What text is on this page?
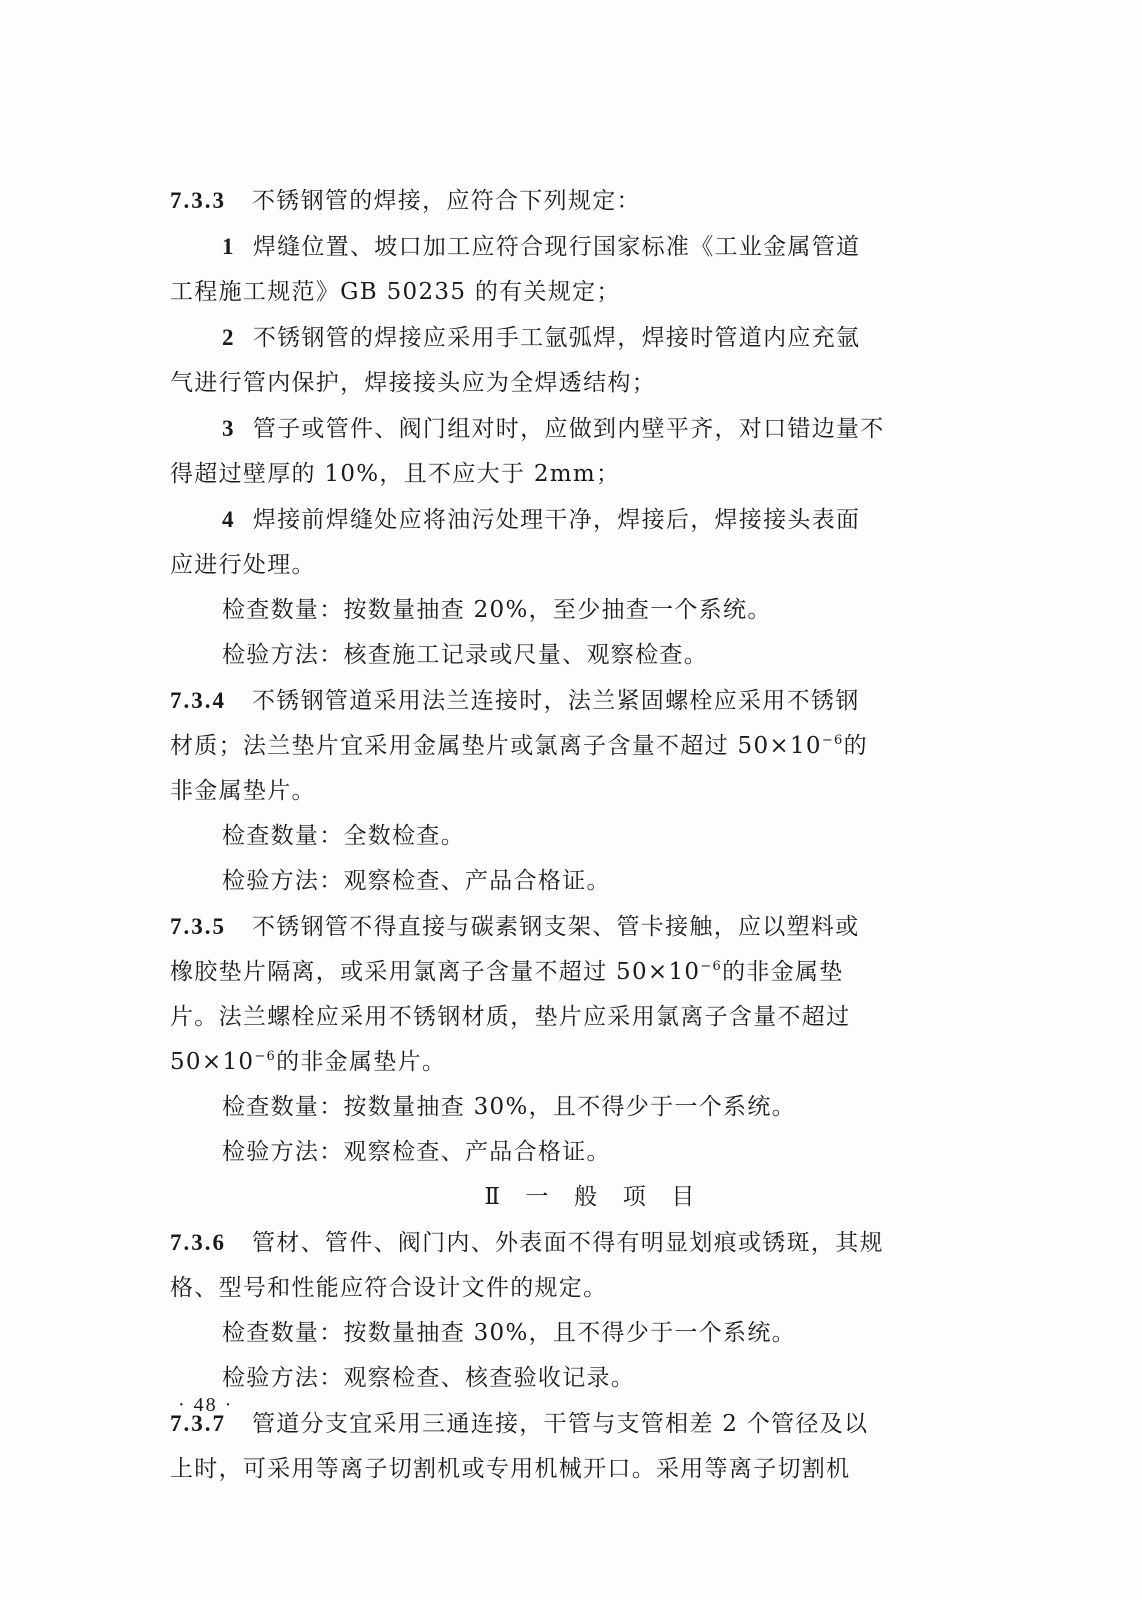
7.3.3 不锈钢管的焊接，应符合下列规定：

1 焊缝位置、坡口加工应符合现行国家标准《工业金属管道

工程施工规范》GB 50235 的有关规定；

2 不锈钢管的焊接应采用手工氩弧焊，焊接时管道内应充氩

气进行管内保护，焊接接头应为全焊透结构；

3 管子或管件、阀门组对时，应做到内壁平齐，对口错边量不

得超过壁厚的 10%，且不应大于 2mm；

4 焊接前焊缝处应将油污处理干净，焊接后，焊接接头表面

应进行处理。

检查数量：按数量抽查 20%，至少抽查一个系统。

检验方法：核查施工记录或尺量、观察检查。

7.3.4 不锈钢管道采用法兰连接时，法兰紧固螺栓应采用不锈钢

材质；法兰垫片宜采用金属垫片或氯离子含量不超过 $50\times 10^{-6}$的

非金属垫片。

检查数量：全数检查。

检验方法：观察检查、产品合格证。

7.3.5 不锈钢管不得直接与碳素钢支架、管卡接触，应以塑料或

橡胶垫片隔离，或采用氯离子含量不超过 $50\times 10^{-6}$的非金属垫

片。法兰螺栓应采用不锈钢材质，垫片应采用氯离子含量不超过

$50\times 10^{-6}$的非金属垫片。

检查数量：按数量抽查 30%，且不得少于一个系统。

检验方法：观察检查、产品合格证。

Ⅱ　一　般　项　目

7.3.6 管材、管件、阀门内、外表面不得有明显划痕或锈斑，其规

格、型号和性能应符合设计文件的规定。

检查数量：按数量抽查 30%，且不得少于一个系统。

检验方法：观察检查、核查验收记录。

7.3.7 管道分支宜采用三通连接，干管与支管相差 2 个管径及以

上时，可采用等离子切割机或专用机械开口。采用等离子切割机

· 48 ·
